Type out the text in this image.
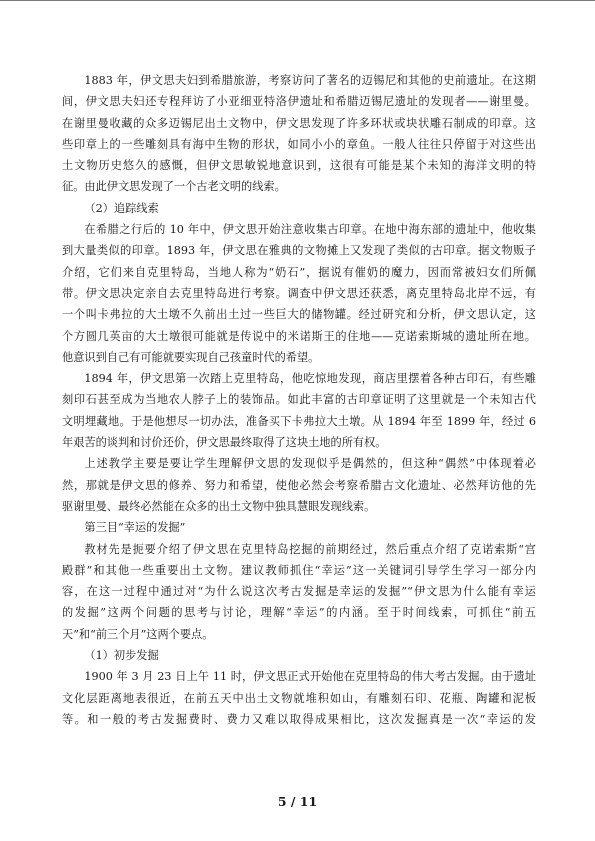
1883 年，伊文思夫妇到希腊旅游，考察访问了著名的迈锡尼和其他的史前遗址。在这期
间，伊文思夫妇还专程拜访了小亚细亚特洛伊遗址和希腊迈锡尼遗址的发现者——谢里曼。
在谢里曼收藏的众多迈锡尼出土文物中，伊文思发现了许多环状或块状雕石制成的印章。这
些印章上的一些雕刻具有海中生物的形状，如同小小的章鱼。一般人往往只停留于对这些出
土文物历史悠久的感慨，但伊文思敏锐地意识到，这很有可能是某个未知的海洋文明的特
征。由此伊文思发现了一个古老文明的线索。

（2）追踪线索

在希腊之行后的 10 年中，伊文思开始注意收集古印章。在地中海东部的遗址中，他收集
到大量类似的印章。1893 年，伊文思在雅典的文物摊上又发现了类似的古印章。据文物贩子
介绍，它们来自克里特岛，当地人称为“奶石”，据说有催奶的魔力，因而常被妇女们所佩
带。伊文思决定亲自去克里特岛进行考察。调查中伊文思还获悉，离克里特岛北岸不远，有
一个叫卡弗拉的大土墩不久前出土过一些巨大的储物罐。经过研究和分析，伊文思认定，这
个方圆几英亩的大土墩很可能就是传说中的米诺斯王的住地——克诺索斯城的遗址所在地。
他意识到自己有可能就要实现自己孩童时代的希望。

1894 年，伊文思第一次踏上克里特岛，他吃惊地发现，商店里摆着各种古印石，有些雕
刻印石甚至成为当地农人脖子上的装饰品。如此丰富的古印章证明了这里就是一个未知古代
文明埋藏地。于是他想尽一切办法，准备买下卡弗拉大土墩。从 1894 年至 1899 年，经过 6
年艰苦的谈判和讨价还价，伊文思最终取得了这块土地的所有权。

上述教学主要是要让学生理解伊文思的发现似乎是偶然的，但这种“偶然”中体现着必
然，那就是伊文思的修养、努力和希望，使他必然会考察希腊古文化遗址、必然拜访他的先
驱谢里曼、最终必然能在众多的出土文物中独具慧眼发现线索。

第三目“幸运的发掘”

教材先是扼要介绍了伊文思在克里特岛挖掘的前期经过，然后重点介绍了克诺索斯“宫
殿群”和其他一些重要出土文物。建议教师抓住“幸运”这一关键词引导学生学习一部分内
容，在这一过程中通过对“为什么说这次考古发掘是幸运的发掘”“伊文思为什么能有幸运
的发掘”这两个问题的思考与讨论，理解“幸运”的内涵。至于时间线索，可抓住“前五
天”和“前三个月”这两个要点。

（1）初步发掘

1900 年 3 月 23 日上午 11 时，伊文思正式开始他在克里特岛的伟大考古发掘。由于遗址
文化层距离地表很近，在前五天中出土文物就堆积如山，有雕刻石印、花瓶、陶罐和泥板
等。和一般的考古发掘费时、费力又难以取得成果相比，这次发掘真是一次“幸运的发

5 / 11
